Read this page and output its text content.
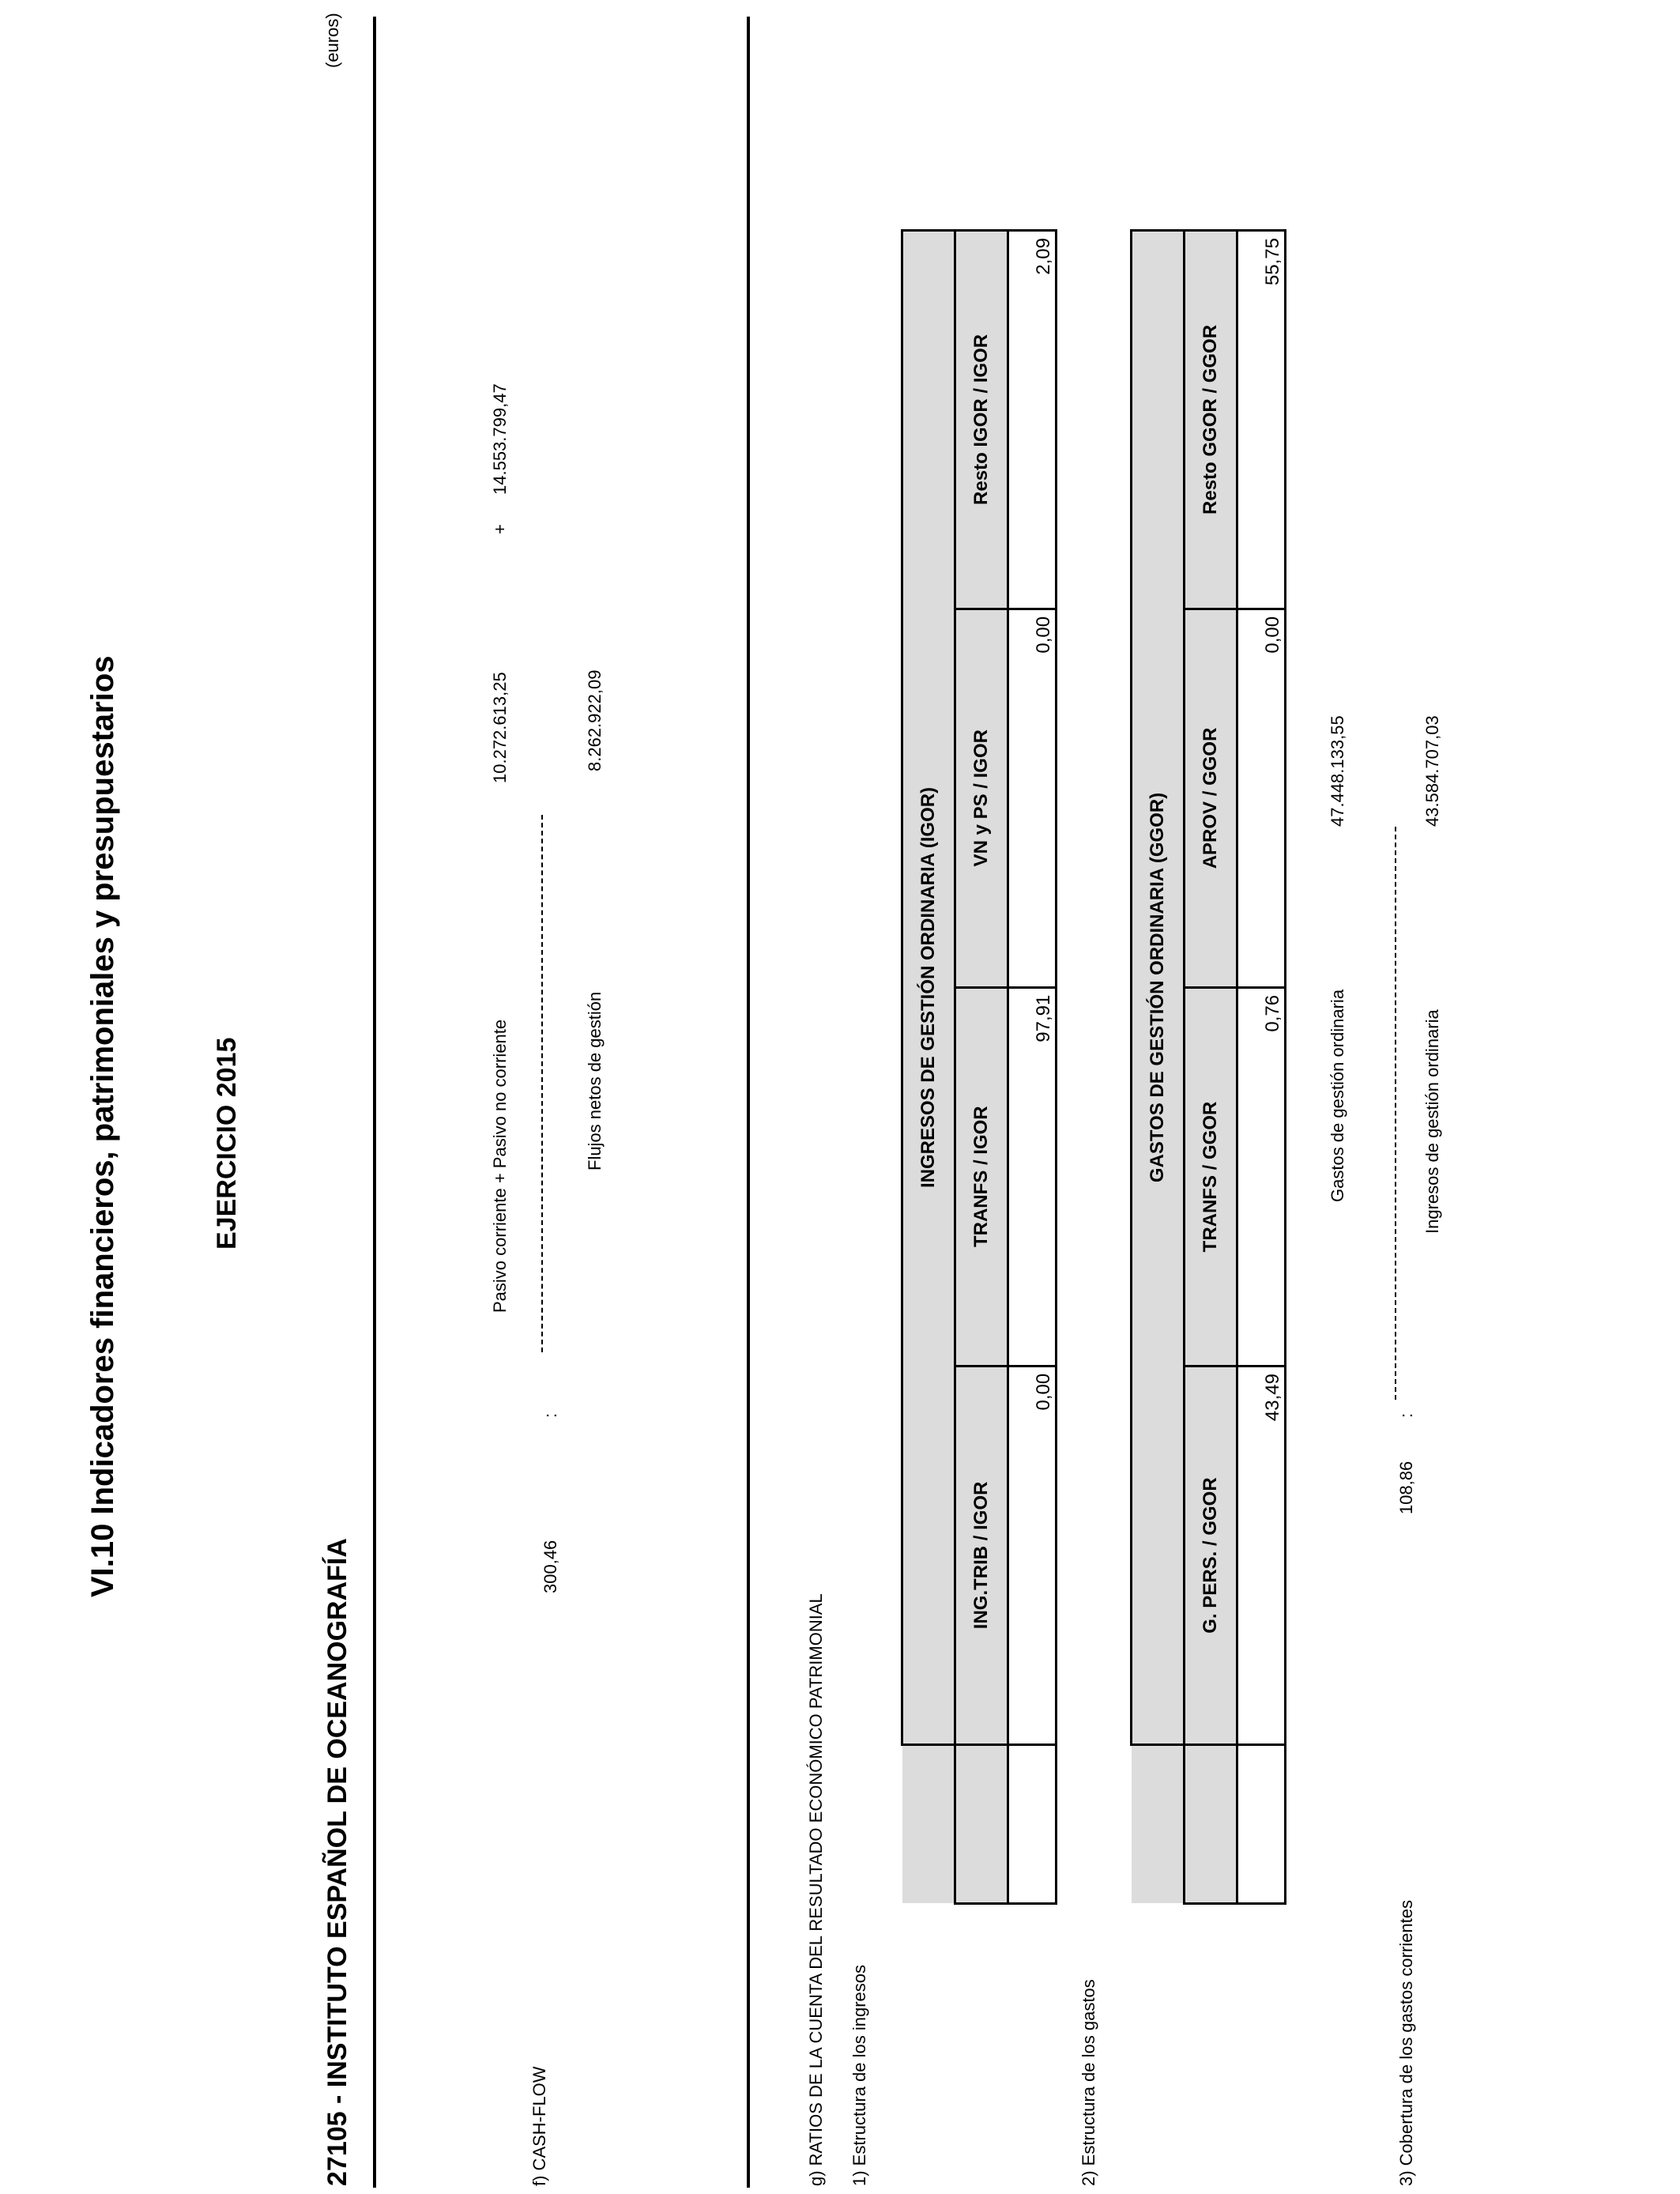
VI.10 Indicadores financieros, patrimoniales y presupuestarios	EJERCICIO 2015
27105 - INSTITUTO ESPAÑOL DE OCEANOGRAFÍA
(euros)
f) CASH-FLOW
300,46
:
Pasivo corriente + Pasivo no corriente
10.272.613,25
+
14.553.799,47
Flujos netos de gestión
8.262.922,09
g) RATIOS DE LA CUENTA DEL RESULTADO ECONÓMICO PATRIMONIAL 1) Estructura de los ingresos
	INGRESOS DE GESTIÓN ORDINARIA (IGOR)			
	ING.TRIB / IGOR	TRANFS / IGOR	VN y PS / IGOR	Resto IGOR / IGOR
	0,00	97,91	0,00	2,09
2) Estructura de los gastos
	GASTOS DE GESTIÓN ORDINARIA (GGOR)			
	G. PERS. / GGOR	TRANFS / GGOR	APROV / GGOR	Resto GGOR / GGOR
	43,49	0,76	0,00	55,75
3) Cobertura de los gastos corrientes
108,86
:
Gastos de gestión ordinaria
47.448.133,55
Ingresos de gestión ordinaria
43.584.707,03
